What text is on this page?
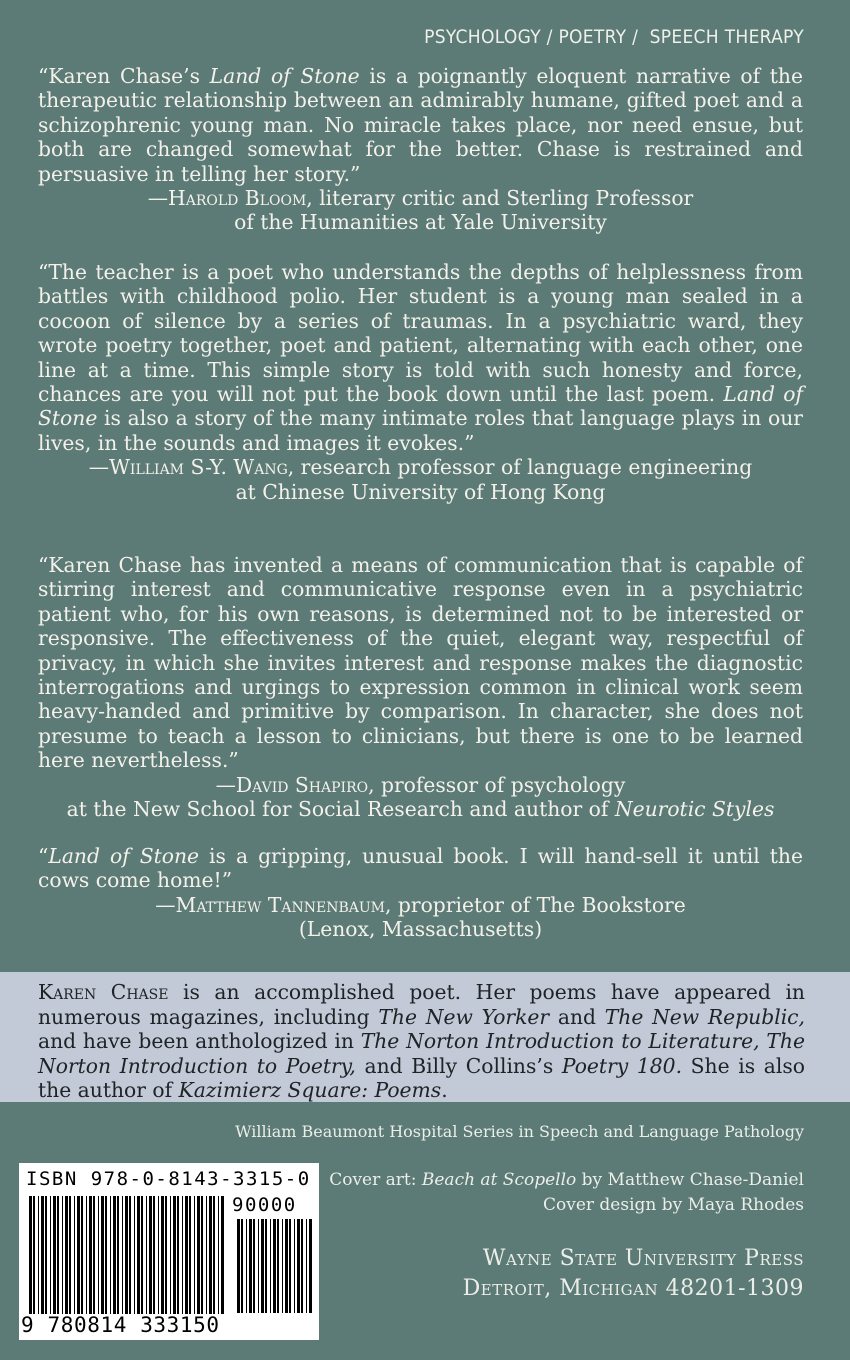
PSYCHOLOGY / POETRY /  SPEECH THERAPY

“Karen Chase’s Land of Stone is a poignantly eloquent narrative of the therapeutic relationship between an admirably humane, gifted poet and a schizophrenic young man. No miracle takes place, nor need ensue, but both are changed somewhat for the better. Chase is restrained and persuasive in telling her story.”

—Harold Bloom, literary critic and Sterling Professor

of the Humanities at Yale University

“The teacher is a poet who understands the depths of helplessness from battles with childhood polio. Her student is a young man sealed in a cocoon of silence by a series of traumas. In a psychiatric ward, they wrote poetry together, poet and patient, alternating with each other, one line at a time. This simple story is told with such honesty and force, chances are you will not put the book down until the last poem. Land of Stone is also a story of the many intimate roles that language plays in our lives, in the sounds and images it evokes.”

—William S-Y. Wang, research professor of language engineering

at Chinese University of Hong Kong

“Karen Chase has invented a means of communication that is capable of stirring interest and communicative response even in a psychiatric patient who, for his own reasons, is determined not to be interested or responsive. The effectiveness of the quiet, elegant way, respectful of privacy, in which she invites interest and response makes the diagnostic interrogations and urgings to expression common in clinical work seem heavy-handed and primitive by comparison. In character, she does not presume to teach a lesson to clinicians, but there is one to be learned here nevertheless.”

—David Shapiro, professor of psychology

at the New School for Social Research and author of Neurotic Styles

“Land of Stone is a gripping, unusual book. I will hand-sell it until the cows come home!”

—Matthew Tannenbaum, proprietor of The Bookstore

(Lenox, Massachusetts)

Karen Chase is an accomplished poet. Her poems have appeared in numerous magazines, including The New Yorker and The New Republic, and have been anthologized in The Norton Introduction to Literature, The Norton Introduction to Poetry, and Billy Collins’s Poetry 180. She is also the author of Kazimierz Square: Poems.
William Beaumont Hospital Series in Speech and Language Pathology
ISBN 978-0-8143-3315-0
90000
9 780814 333150
Cover art: Beach at Scopello by Matthew Chase-Daniel
Cover design by Maya Rhodes
Wayne State University Press
Detroit, Michigan 48201-1309
